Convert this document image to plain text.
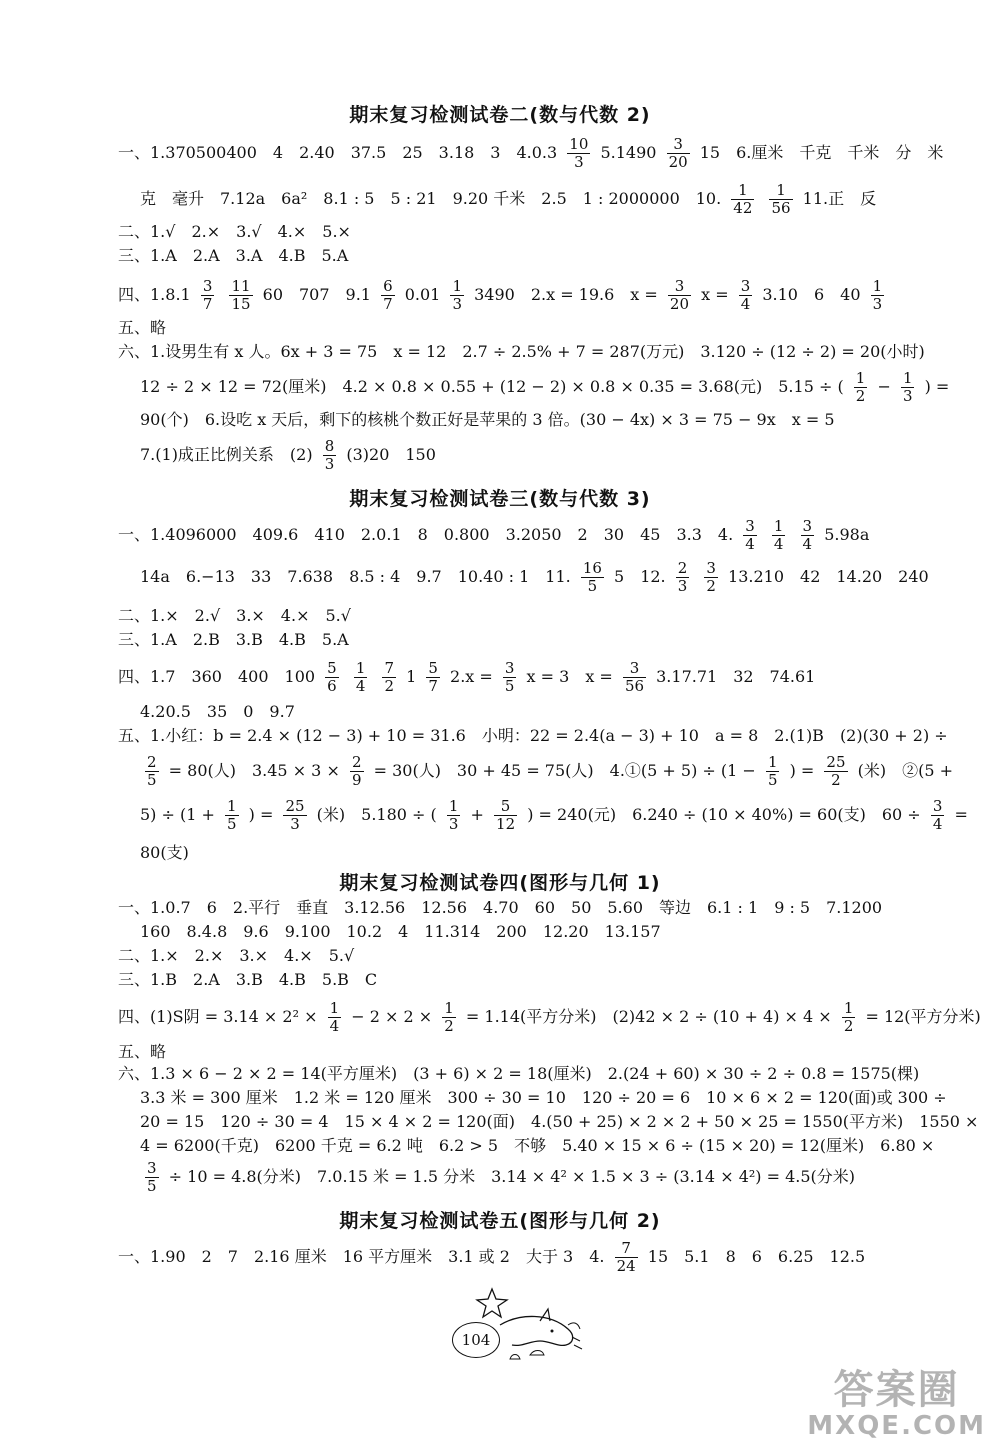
期末复习检测试卷二(数与代数 2)
一、1.370500400　4　2.40　37.5　25　3.18　3　$4.0.3 \frac{10}{3} 5.1490 \frac{3}{20} 15$　6.厘米　千克　千米　分　米
克　毫升　7.12a　6a²　8.1 : 5　5 : 21　9.20 千米　2.5　1 : 2000000　10. $\frac{1}{42}$
$\frac{1}{56} 11$.正　反
二、1.√　2.×　3.√　4.×　5.×
三、1.A　2.A　3.A　4.B　5.A
四、$1.8.1 \frac{3}{7}$
$\frac{11}{15} 60$　707　$9.1 \frac{6}{7} 0.01 \frac{1}{3} 3490$　2.x = 19.6　$x = \frac{3}{20}$ $x = \frac{3}{4} 3.10$　6　$40 \frac{1}{3}$
五、略
六、1.设男生有 x 人。6x + 3 = 75　x = 12　2.7 ÷ 2.5% + 7 = 287(万元)　3.120 ÷ (12 ÷ 2) = 20(小时)
12 ÷ 2 × 12 = 72(厘米)　4.2 × 0.8 × 0.55 + (12 − 2) × 0.8 × 0.35 = 3.68(元)　5.15 ÷ ( $\frac{1}{2} - \frac{1}{3}$ ) =
90(个)　6.设吃 x 天后，剩下的核桃个数正好是苹果的 3 倍。(30 − 4x) × 3 = 75 − 9x　x = 5
7.(1)成正比例关系　$(2) \frac{8}{3} (3)20$　150
期末复习检测试卷三(数与代数 3)
一、1.4096000　409.6　410　2.0.1　8　0.800　3.2050　2　30　45　3.3　4. $\frac{3}{4}$
$\frac{1}{4}$
$\frac{3}{4} 5.98a$
14a　6.−13　33　7.638　8.5 : 4　9.7　10.40 : 1　11. $\frac{16}{5} 5$　12. $\frac{2}{3}$
$\frac{3}{2} 13.210$　42　14.20　240
二、1.×　2.√　3.×　4.×　5.√
三、1.A　2.B　3.B　4.B　5.A
四、1.7　360　400　$100 \frac{5}{6}$
$\frac{1}{4}$
$\frac{7}{2} 1 \frac{5}{7} 2.x = \frac{3}{5}$ x = 3　$x = \frac{3}{56} 3.17.71$　32　74.61
4.20.5　35　0　9.7
五、1.小红：b = 2.4 × (12 − 3) + 10 = 31.6　小明：22 = 2.4(a − 3) + 10　a = 8　2.(1)B　(2)(30 + 2) ÷
$\frac{2}{5} = 80$(人)　$3.45 \times 3 \times \frac{2}{9} = 30$(人)　30 + 45 = 75(人)　4.①(5 + $5) \div (1 - \frac{1}{5}$ ) = $\frac{25}{2}$ (米)　②(5 +
$5) \div (1 + \frac{1}{5}$ ) = $\frac{25}{3}$ (米)　5.180 ÷ ( $\frac{1}{3} + \frac{5}{12}$ ) = 240(元)　6.240 ÷ (10 × 40%) = 60(支)　$60 \div \frac{3}{4}$ =
80(支)
期末复习检测试卷四(图形与几何 1)
一、1.0.7　6　2.平行　垂直　3.12.56　12.56　4.70　60　50　5.60　等边　6.1 : 1　9 : 5　7.1200
160　8.4.8　9.6　9.100　10.2　4　11.314　200　12.20　13.157
二、1.×　2.×　3.×　4.×　5.√
三、1.B　2.A　3.B　4.B　5.B　C
四、(1)S阴 = $3.14 \times 2^2 \times \frac{1}{4} - 2 \times 2 \times \frac{1}{2} = 1.14$(平方分米)　$(2)42 \times 2 \div (10 + 4) \times 4 \times \frac{1}{2} = 12$(平方分米)
五、略
六、1.3 × 6 − 2 × 2 = 14(平方厘米)　(3 + 6) × 2 = 18(厘米)　2.(24 + 60) × 30 ÷ 2 ÷ 0.8 = 1575(棵)
3.3 米 = 300 厘米　1.2 米 = 120 厘米　300 ÷ 30 = 10　120 ÷ 20 = 6　10 × 6 × 2 = 120(面)或 300 ÷
20 = 15　120 ÷ 30 = 4　15 × 4 × 2 = 120(面)　4.(50 + 25) × 2 × 2 + 50 × 25 = 1550(平方米)　1550 ×
4 = 6200(千克)　6200 千克 = 6.2 吨　6.2 > 5　不够　5.40 × 15 × 6 ÷ (15 × 20) = 12(厘米)　6.80 ×
$\frac{3}{5} \div 10 = 4.8$(分米)　7.0.15 米 = 1.5 分米　3.14 × 4² × 1.5 × 3 ÷ (3.14 × 4²) = 4.5(分米)
期末复习检测试卷五(图形与几何 2)
一、1.90　2　7　2.16 厘米　16 平方厘米　3.1 或 2　大于 3　4. $\frac{7}{24} 15$　5.1　8　6　6.25　12.5
104
答案圈
MXQE.COM
